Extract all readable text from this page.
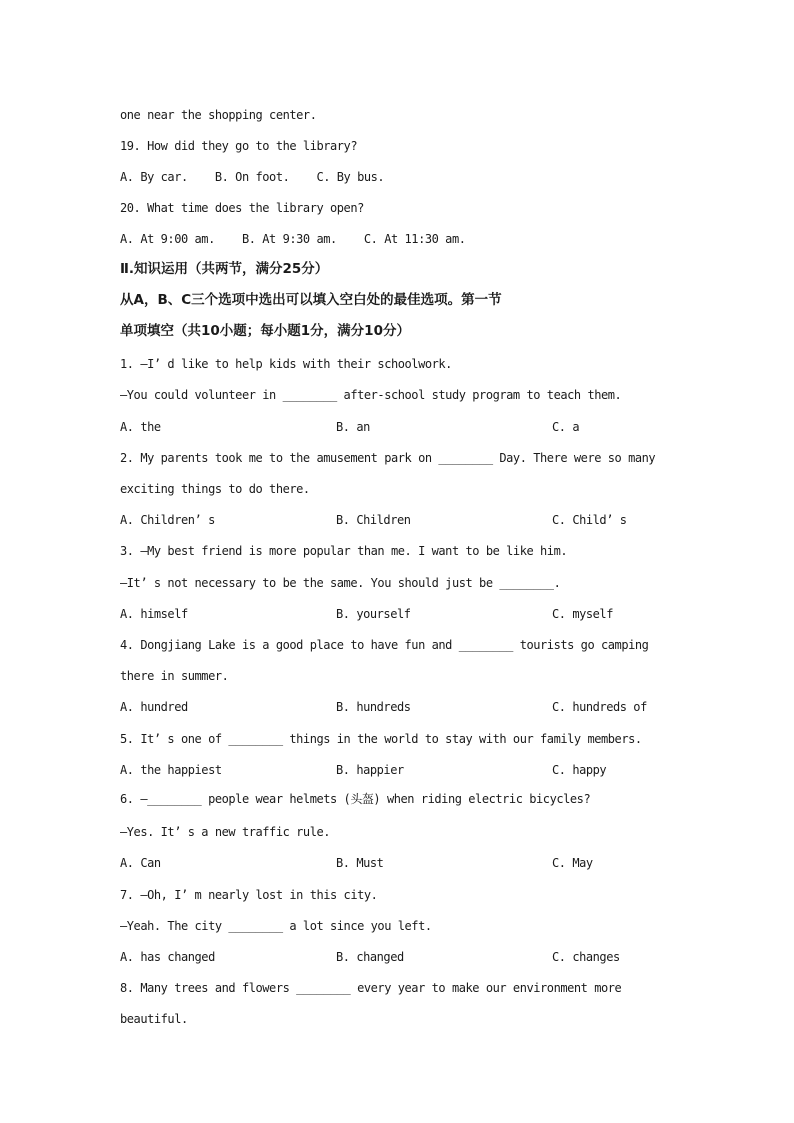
one near the shopping center.
19. How did they go to the library?
A. By car.    B. On foot.    C. By bus.
20. What time does the library open?
A. At 9:00 am.    B. At 9:30 am.    C. At 11:30 am.
Ⅱ.知识运用（共两节，满分25分）
从A，B、C三个选项中选出可以填入空白处的最佳选项。第一节
单项填空（共10小题；每小题1分，满分10分）
1. —I’ d like to help kids with their schoolwork.
—You could volunteer in ________ after-school study program to teach them.
A. the	B. an	C. a
2. My parents took me to the amusement park on ________ Day. There were so many
exciting things to do there.
A. Children’ s	B. Children	C. Child’ s
3. —My best friend is more popular than me. I want to be like him.
—It’ s not necessary to be the same. You should just be ________.
A. himself	B. yourself	C. myself
4. Dongjiang Lake is a good place to have fun and ________ tourists go camping
there in summer.
A. hundred	B. hundreds	C. hundreds of
5. It’ s one of ________ things in the world to stay with our family members.
A. the happiest	B. happier	C. happy
6. —________ people wear helmets (头盔) when riding electric bicycles?
—Yes. It’ s a new traffic rule.
A. Can	B. Must	C. May
7. —Oh, I’ m nearly lost in this city.
—Yeah. The city ________ a lot since you left.
A. has changed	B. changed	C. changes
8. Many trees and flowers ________ every year to make our environment more
beautiful.
